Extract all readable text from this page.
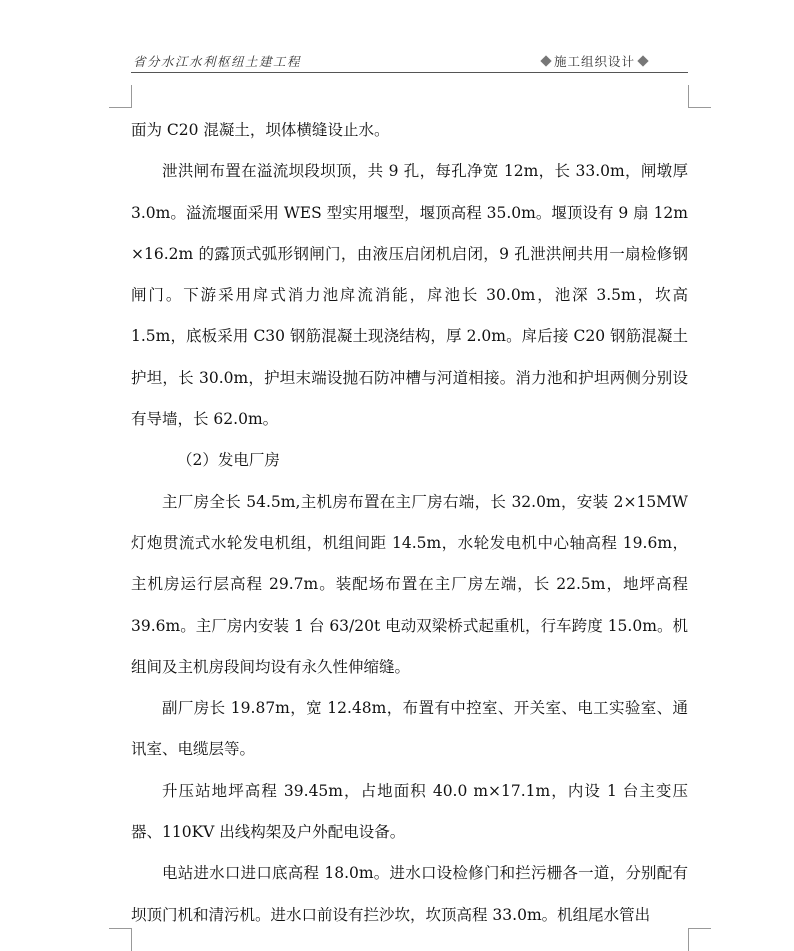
省分水江水利枢纽土建工程	施工组织设计

面为 C20 混凝土，坝体横缝设止水。

泄洪闸布置在溢流坝段坝顶，共 9 孔，每孔净宽 12m，长 33.0m，闸墩厚 3.0m。溢流堰面采用 WES 型实用堰型，堰顶高程 35.0m。堰顶设有 9 扇 12m ×16.2m 的露顶式弧形钢闸门，由液压启闭机启闭，9 孔泄洪闸共用一扇检修钢闸门。下游采用戽式消力池戽流消能，戽池长 30.0m，池深 3.5m，坎高 1.5m，底板采用 C30 钢筋混凝土现浇结构，厚 2.0m。戽后接 C20 钢筋混凝土护坦，长 30.0m，护坦末端设抛石防冲槽与河道相接。消力池和护坦两侧分别设有导墙，长 62.0m。

（2）发电厂房

主厂房全长 54.5m,主机房布置在主厂房右端，长 32.0m，安装 2×15MW 灯炮贯流式水轮发电机组，机组间距 14.5m，水轮发电机中心轴高程 19.6m，主机房运行层高程 29.7m。装配场布置在主厂房左端，长 22.5m，地坪高程 39.6m。主厂房内安装 1 台 63/20t 电动双梁桥式起重机，行车跨度 15.0m。机组间及主机房段间均设有永久性伸缩缝。

副厂房长 19.87m，宽 12.48m，布置有中控室、开关室、电工实验室、通讯室、电缆层等。

升压站地坪高程 39.45m，占地面积 40.0 m×17.1m，内设 1 台主变压器、110KV 出线构架及户外配电设备。

电站进水口进口底高程 18.0m。进水口设检修门和拦污栅各一道，分别配有坝顶门机和清污机。进水口前设有拦沙坎，坎顶高程 33.0m。机组尾水管出
